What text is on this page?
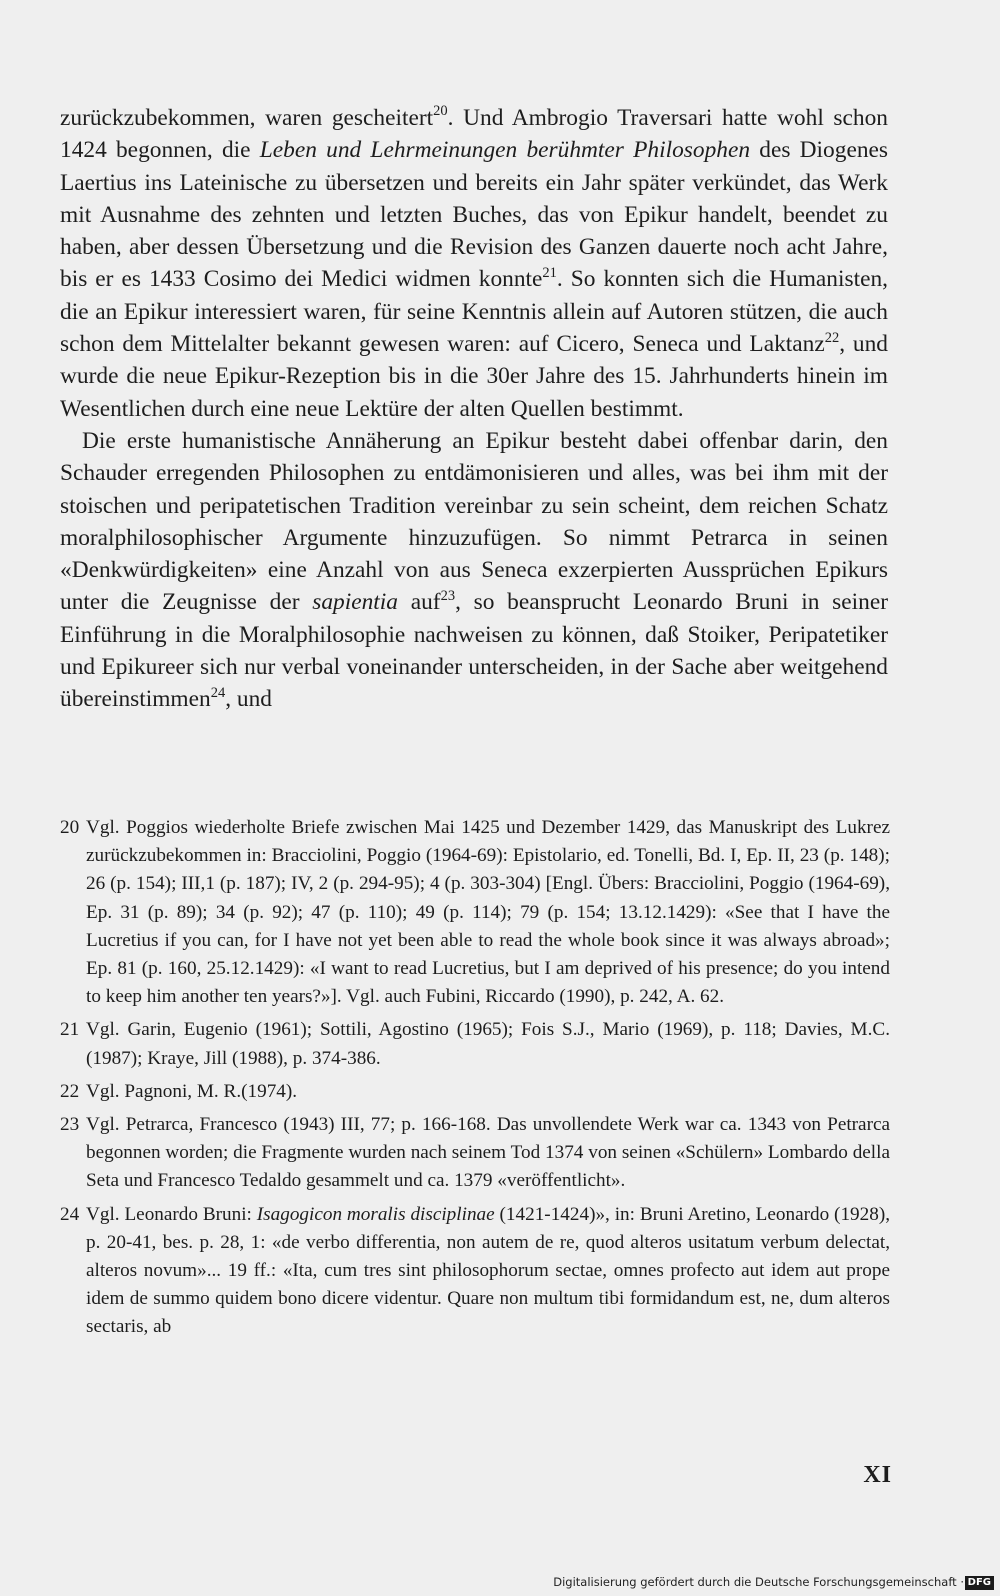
zurückzubekommen, waren gescheitert$^{20}$. Und Ambrogio Traversari hatte wohl schon 1424 begonnen, die Leben und Lehrmeinungen berühmter Philosophen des Diogenes Laertius ins Lateinische zu übersetzen und bereits ein Jahr später verkündet, das Werk mit Ausnahme des zehnten und letzten Buches, das von Epikur handelt, beendet zu haben, aber dessen Übersetzung und die Revision des Ganzen dauerte noch acht Jahre, bis er es 1433 Cosimo dei Medici widmen konnte$^{21}$. So konnten sich die Humanisten, die an Epikur interessiert waren, für seine Kenntnis allein auf Autoren stützen, die auch schon dem Mittelalter bekannt gewesen waren: auf Cicero, Seneca und Laktanz$^{22}$, und wurde die neue Epikur-Rezeption bis in die 30er Jahre des 15. Jahrhunderts hinein im Wesentlichen durch eine neue Lektüre der alten Quellen bestimmt.

Die erste humanistische Annäherung an Epikur besteht dabei offenbar darin, den Schauder erregenden Philosophen zu entdämonisieren und alles, was bei ihm mit der stoischen und peripatetischen Tradition vereinbar zu sein scheint, dem reichen Schatz moralphilosophischer Argumente hinzuzufügen. So nimmt Petrarca in seinen «Denkwürdigkeiten» eine Anzahl von aus Seneca exzerpierten Aussprüchen Epikurs unter die Zeugnisse der sapientia auf$^{23}$, so beansprucht Leonardo Bruni in seiner Einführung in die Moralphilosophie nachweisen zu können, daß Stoiker, Peripatetiker und Epikureer sich nur verbal voneinander unterscheiden, in der Sache aber weitgehend übereinstimmen$^{24}$, und

20 Vgl. Poggios wiederholte Briefe zwischen Mai 1425 und Dezember 1429, das Manuskript des Lukrez zurückzubekommen in: Bracciolini, Poggio (1964-69): Epistolario, ed. Tonelli, Bd. I, Ep. II, 23 (p. 148); 26 (p. 154); III,1 (p. 187); IV, 2 (p. 294-95); 4 (p. 303-304) [Engl. Übers: Bracciolini, Poggio (1964-69), Ep. 31 (p. 89); 34 (p. 92); 47 (p. 110); 49 (p. 114); 79 (p. 154; 13.12.1429): «See that I have the Lucretius if you can, for I have not yet been able to read the whole book since it was always abroad»; Ep. 81 (p. 160, 25.12.1429): «I want to read Lucretius, but I am deprived of his presence; do you intend to keep him another ten years?»]. Vgl. auch Fubini, Riccardo (1990), p. 242, A. 62.
21 Vgl. Garin, Eugenio (1961); Sottili, Agostino (1965); Fois S.J., Mario (1969), p. 118; Davies, M.C. (1987); Kraye, Jill (1988), p. 374-386.
22 Vgl. Pagnoni, M. R.(1974).
23 Vgl. Petrarca, Francesco (1943) III, 77; p. 166-168. Das unvollendete Werk war ca. 1343 von Petrarca begonnen worden; die Fragmente wurden nach seinem Tod 1374 von seinen «Schülern» Lombardo della Seta und Francesco Tedaldo gesammelt und ca. 1379 «veröffentlicht».
24 Vgl. Leonardo Bruni: Isagogicon moralis disciplinae (1421-1424)», in: Bruni Aretino, Leonardo (1928), p. 20-41, bes. p. 28, 1: «de verbo differentia, non autem de re, quod alteros usitatum verbum delectat, alteros novum»... 19 ff.: «Ita, cum tres sint philosophorum sectae, omnes profecto aut idem aut prope idem de summo quidem bono dicere videntur. Quare non multum tibi formidandum est, ne, dum alteros sectaris, ab
XI
Digitalisierung gefördert durch die Deutsche Forschungsgemeinschaft · DFG
